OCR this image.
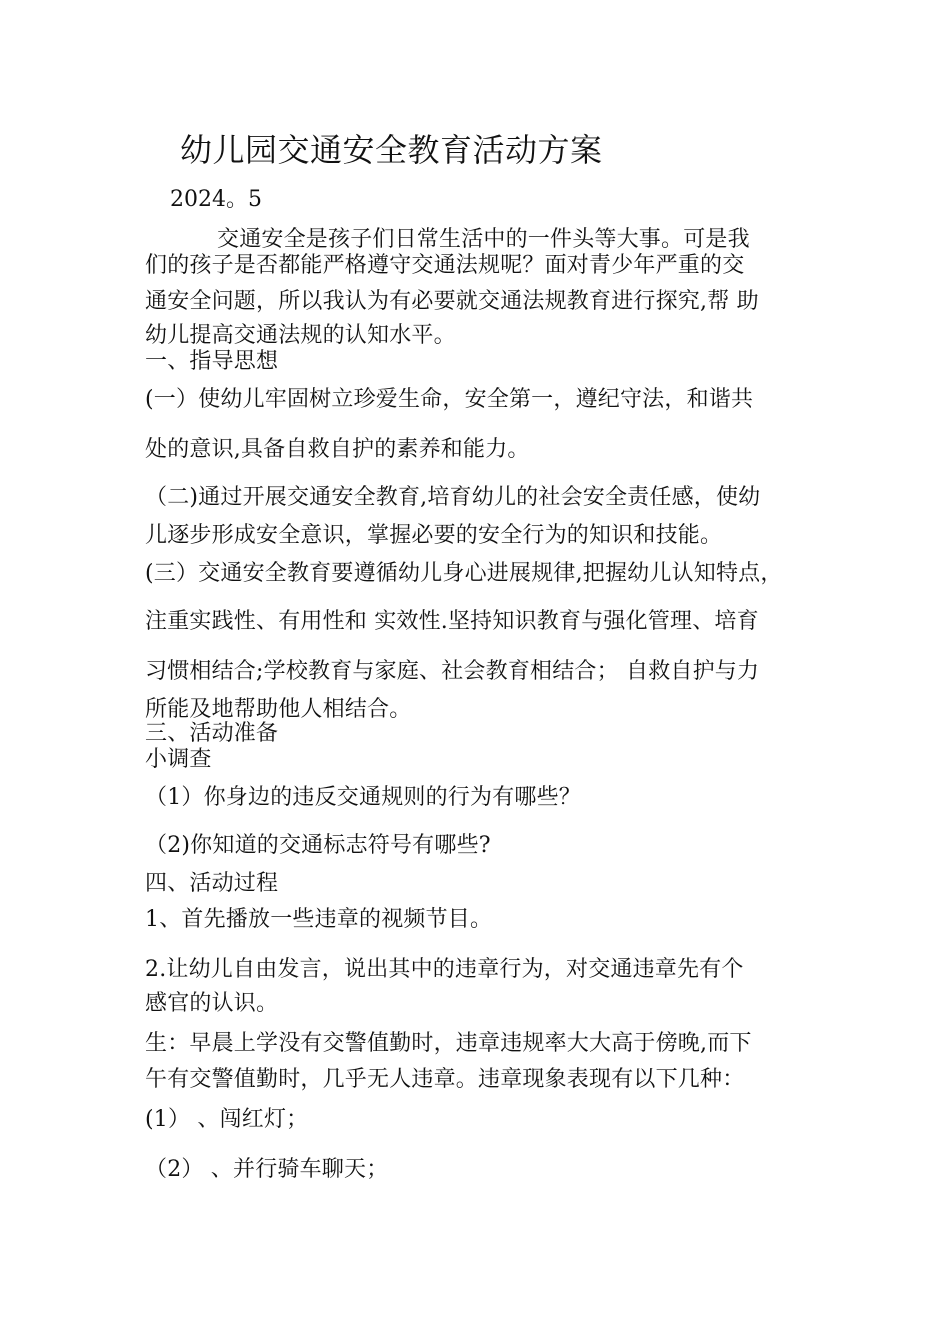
幼儿园交通安全教育活动方案
2024。5
交通安全是孩子们日常生活中的一件头等大事。可是我
们的孩子是否都能严格遵守交通法规呢？面对青少年严重的交
通安全问题，所以我认为有必要就交通法规教育进行探究,帮 助
幼儿提高交通法规的认知水平。
一、指导思想
(一）使幼儿牢固树立珍爱生命，安全第一，遵纪守法，和谐共
处的意识,具备自救自护的素养和能力。
（二)通过开展交通安全教育,培育幼儿的社会安全责任感，使幼
儿逐步形成安全意识，掌握必要的安全行为的知识和技能。
(三）交通安全教育要遵循幼儿身心进展规律,把握幼儿认知特点，
注重实践性、有用性和 实效性.坚持知识教育与强化管理、培育
习惯相结合;学校教育与家庭、社会教育相结合； 自救自护与力
所能及地帮助他人相结合。
三、活动准备
小调查
（1）你身边的违反交通规则的行为有哪些？
（2)你知道的交通标志符号有哪些?
四、活动过程
1、首先播放一些违章的视频节目。
2.让幼儿自由发言，说出其中的违章行为，对交通违章先有个
感官的认识。
生：早晨上学没有交警值勤时，违章违规率大大高于傍晚,而下
午有交警值勤时，几乎无人违章。违章现象表现有以下几种：
(1） 、闯红灯；
（2） 、并行骑车聊天；
